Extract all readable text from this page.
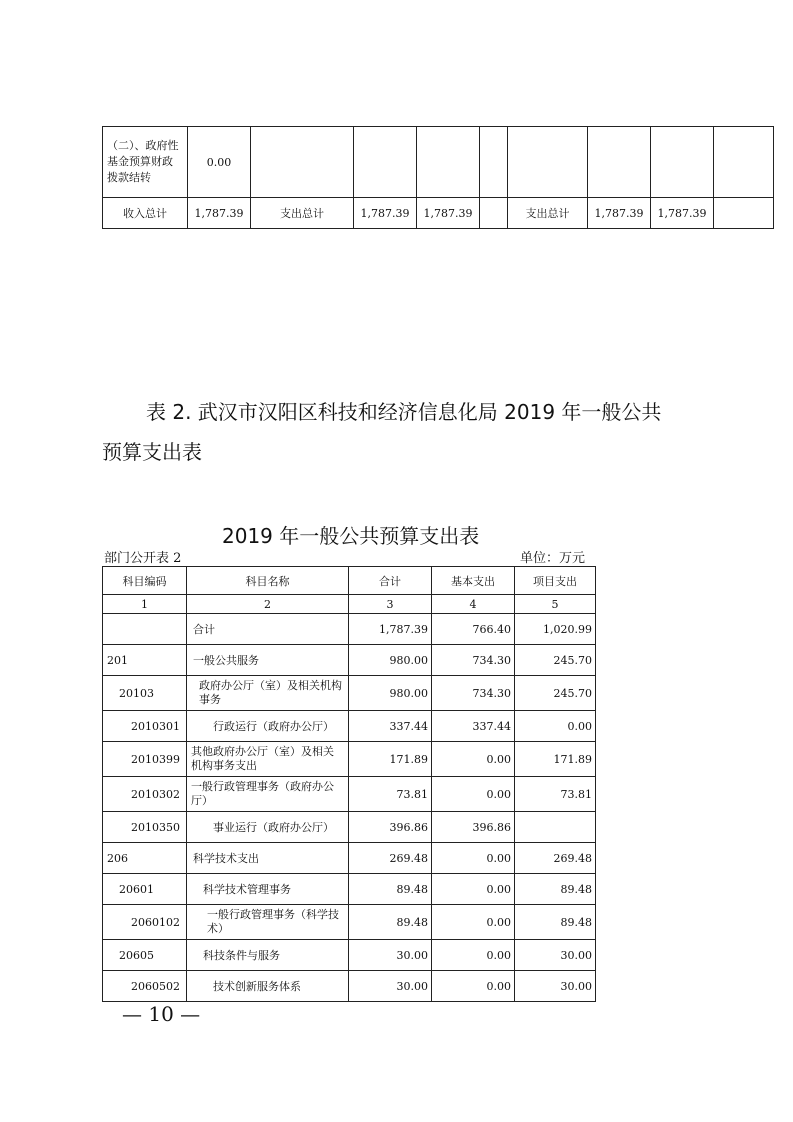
（二）、政府性基金预算财政拨款结转	0.00								
收入总计	1,787.39	支出总计	1,787.39	1,787.39		支出总计	1,787.39	1,787.39	
表 2. 武汉市汉阳区科技和经济信息化局 2019 年一般公共
预算支出表
2019 年一般公共预算支出表
部门公开表 2	单位：万元
科目编码	科目名称	合计	基本支出	项目支出
1	2	3	4	5
	合计	1,787.39	766.40	1,020.99
201	一般公共服务	980.00	734.30	245.70
20103	政府办公厅（室）及相关机构事务	980.00	734.30	245.70
2010301	行政运行（政府办公厅）	337.44	337.44	0.00
2010399	其他政府办公厅（室）及相关机构事务支出	171.89	0.00	171.89
2010302	一般行政管理事务（政府办公厅）	73.81	0.00	73.81
2010350	事业运行（政府办公厅）	396.86	396.86	
206	科学技术支出	269.48	0.00	269.48
20601	科学技术管理事务	89.48	0.00	89.48
2060102	一般行政管理事务（科学技术）	89.48	0.00	89.48
20605	科技条件与服务	30.00	0.00	30.00
2060502	技术创新服务体系	30.00	0.00	30.00
— 10 —
